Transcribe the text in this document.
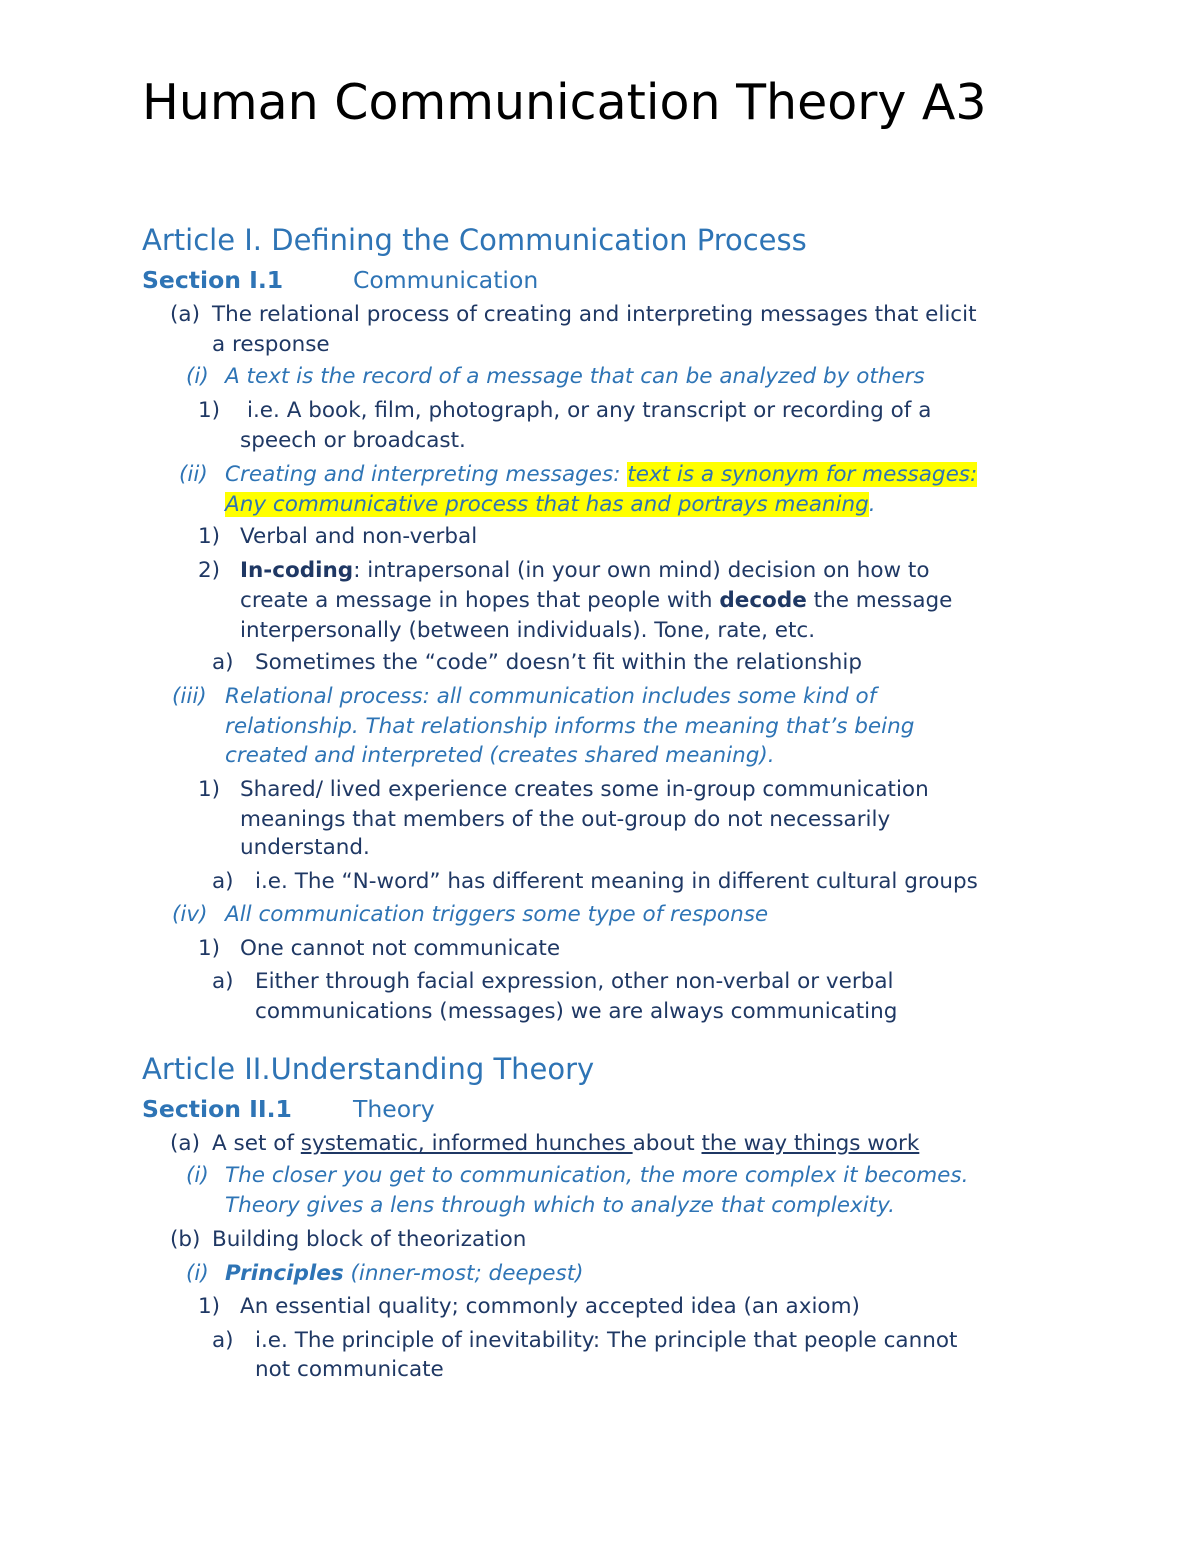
Human Communication Theory A3
Article I. Defining the Communication Process
Section I.1	Communication
(a) The relational process of creating and interpreting messages that elicit
a response
(i) A text is the record of a message that can be analyzed by others
1) i.e. A book, film, photograph, or any transcript or recording of a
speech or broadcast.
(ii) Creating and interpreting messages: text is a synonym for messages:
Any communicative process that has and portrays meaning.
1) Verbal and non-verbal
2) In-coding: intrapersonal (in your own mind) decision on how to
create a message in hopes that people with decode the message
interpersonally (between individuals). Tone, rate, etc.
a) Sometimes the “code” doesn’t fit within the relationship
(iii) Relational process: all communication includes some kind of
relationship. That relationship informs the meaning that’s being
created and interpreted (creates shared meaning).
1) Shared/ lived experience creates some in-group communication
meanings that members of the out-group do not necessarily
understand.
a) i.e. The “N-word” has different meaning in different cultural groups
(iv) All communication triggers some type of response
1) One cannot not communicate
a) Either through facial expression, other non-verbal or verbal
communications (messages) we are always communicating
Article II.Understanding Theory
Section II.1	Theory
(a) A set of systematic, informed hunches about the way things work
(i) The closer you get to communication, the more complex it becomes.
Theory gives a lens through which to analyze that complexity.
(b) Building block of theorization
(i) Principles (inner-most; deepest)
1) An essential quality; commonly accepted idea (an axiom)
a) i.e. The principle of inevitability: The principle that people cannot
not communicate
